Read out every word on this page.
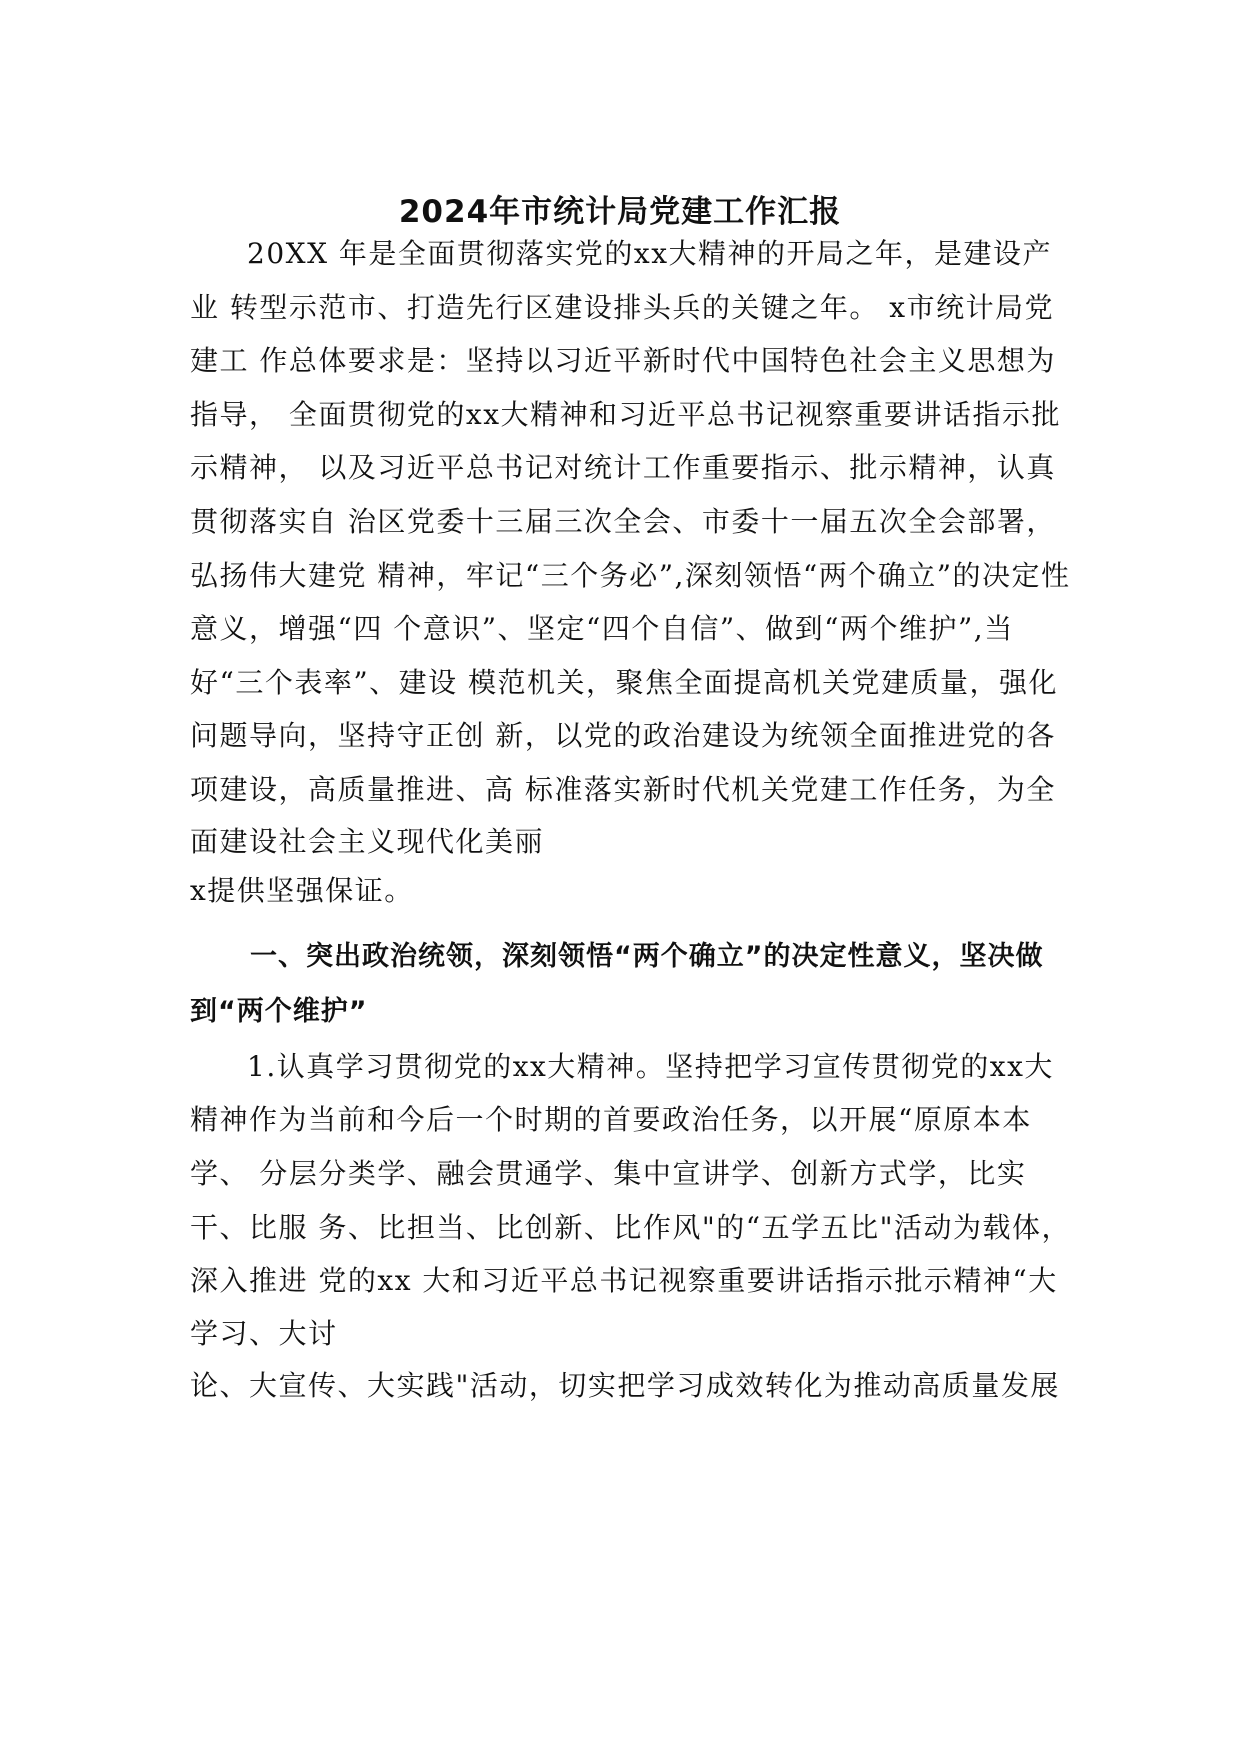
2024年市统计局党建工作汇报
20XX 年是全面贯彻落实党的xx大精神的开局之年，是建设产
业 转型示范市、打造先行区建设排头兵的关键之年。 x市统计局党
建工 作总体要求是：坚持以习近平新时代中国特色社会主义思想为
指导， 全面贯彻党的xx大精神和习近平总书记视察重要讲话指示批
示精神， 以及习近平总书记对统计工作重要指示、批示精神，认真
贯彻落实自 治区党委十三届三次全会、市委十一届五次全会部署，
弘扬伟大建党 精神，牢记“三个务必”,深刻领悟“两个确立”的决定性
意义，增强“四 个意识”、坚定“四个自信”、做到“两个维护”,当
好“三个表率”、建设 模范机关，聚焦全面提高机关党建质量，强化
问题导向，坚持守正创 新，以党的政治建设为统领全面推进党的各
项建设，高质量推进、高 标准落实新时代机关党建工作任务，为全
面建设社会主义现代化美丽
x提供坚强保证。
一、突出政治统领，深刻领悟“两个确立”的决定性意义，坚决做
到“两个维护”
1.认真学习贯彻党的xx大精神。坚持把学习宣传贯彻党的xx大
精神作为当前和今后一个时期的首要政治任务，以开展“原原本本
学、 分层分类学、融会贯通学、集中宣讲学、创新方式学，比实
干、比服 务、比担当、比创新、比作风"的“五学五比"活动为载体，
深入推进 党的xx 大和习近平总书记视察重要讲话指示批示精神“大
学习、大讨
论、大宣传、大实践"活动，切实把学习成效转化为推动高质量发展
